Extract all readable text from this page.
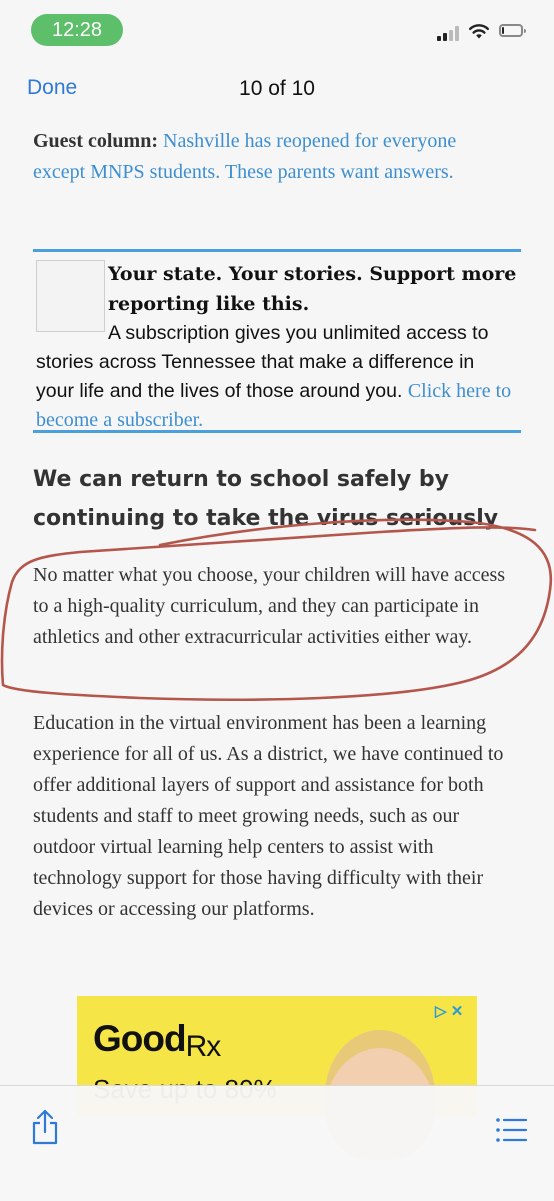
12:28
Done	10 of 10
Guest column: Nashville has reopened for everyone except MNPS students. These parents want answers.
Your state. Your stories. Support more reporting like this.
A subscription gives you unlimited access to stories across Tennessee that make a difference in your life and the lives of those around you. Click here to become a subscriber.
We can return to school safely by continuing to take the virus seriously
No matter what you choose, your children will have access to a high-quality curriculum, and they can participate in athletics and other extracurricular activities either way.
Education in the virtual environment has been a learning experience for all of us. As a district, we have continued to offer additional layers of support and assistance for both students and staff to meet growing needs, such as our outdoor virtual learning help centers to assist with technology support for those having difficulty with their devices or accessing our platforms.
GoodRx
▷ ✕
